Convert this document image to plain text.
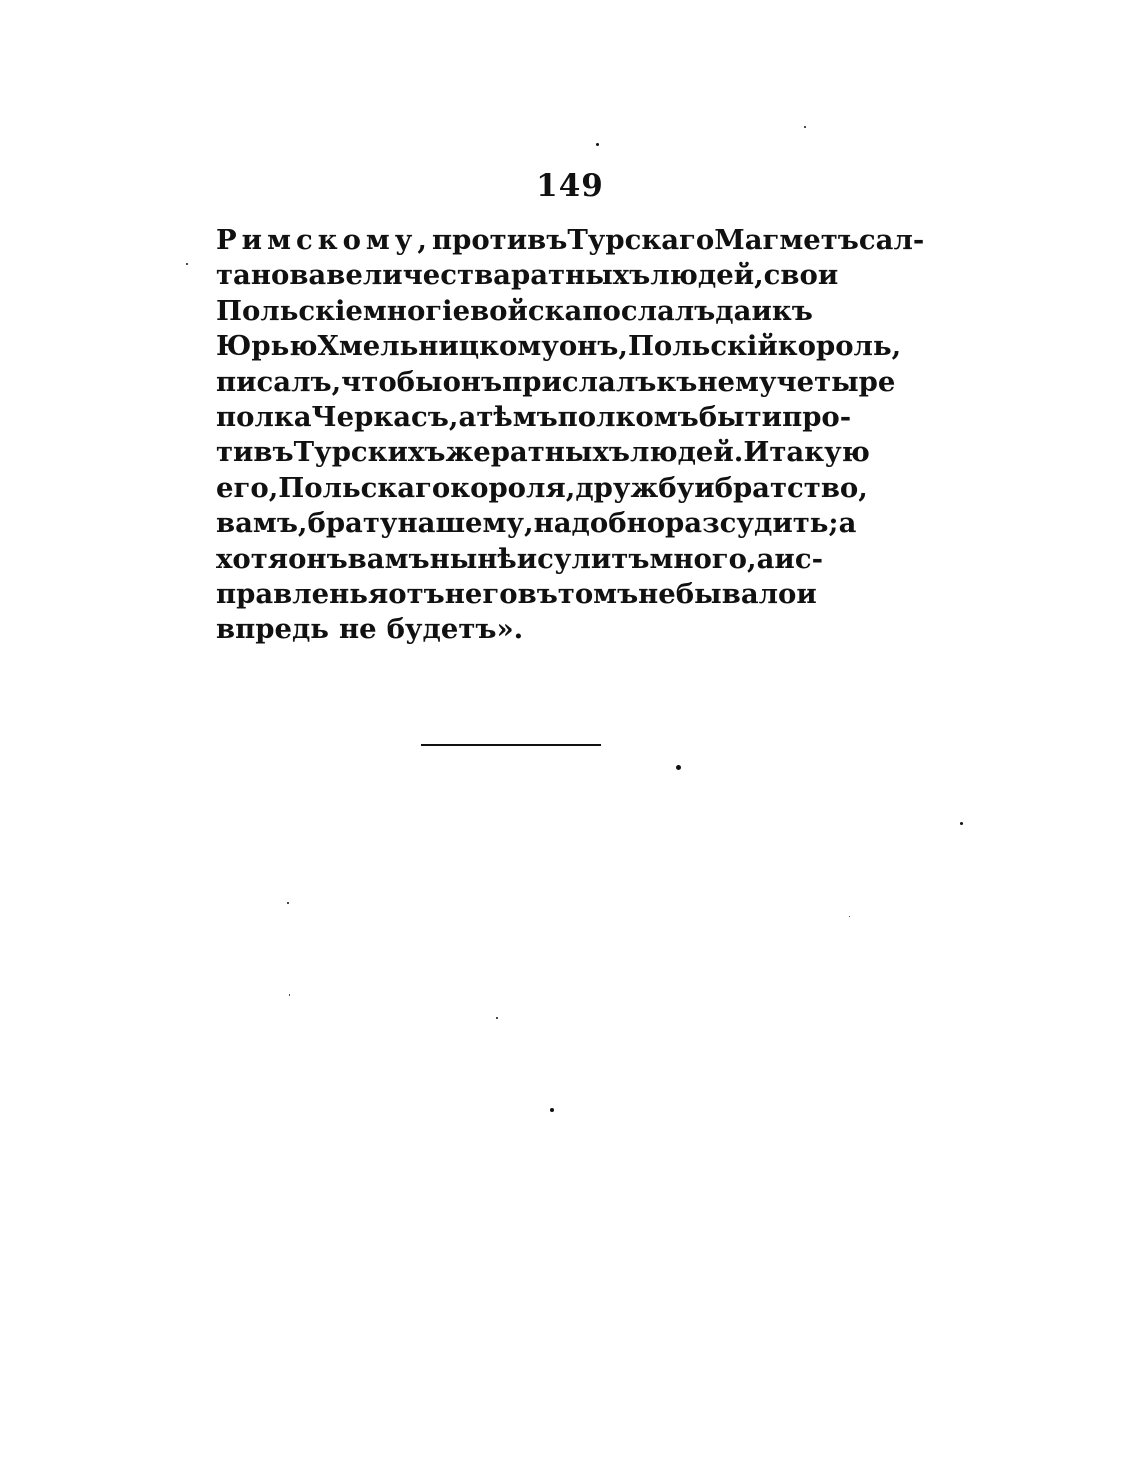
149
Римскому, противъ Турскаго Магметъ сал-
танова величества ратныхъ людей, свои
Польскіе многіе войска послалъ да и къ
Юрью Хмельницкому онъ, Польскій король,
писалъ, чтобы онъ прислалъ къ нему четыре
полка Черкасъ, а тѣмъ полкомъ быти про-
тивъ Турскихъ же ратныхъ людей. И такую
его, Польскаго короля, дружбу и братство,
вамъ, брату нашему, надобно разсудить; а
хотя онъ вамъ нынѣ и сулитъ много, а ис-
правленья отъ него въ томъ не бывало и
впредь не будетъ».
